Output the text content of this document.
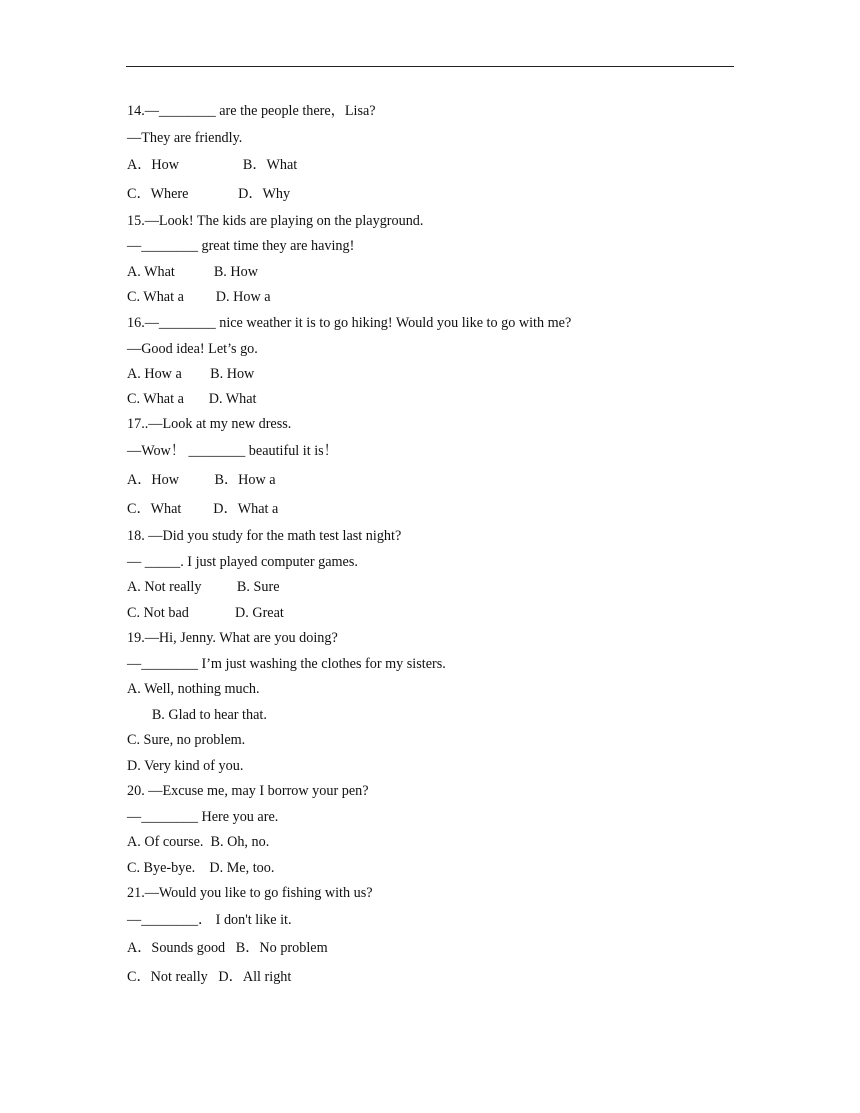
14.—________ are the people there，Lisa?
—They are friendly.
A．How                  B．What
C．Where              D．Why
15.—Look! The kids are playing on the playground.
—________ great time they are having!
A. What           B. How
C. What a         D. How a
16.—________ nice weather it is to go hiking! Would you like to go with me?
—Good idea! Let’s go.
A. How a        B. How
C. What a       D. What
17..—Look at my new dress.
—Wow！ ________ beautiful it is！
A．How          B．How a
C．What         D．What a
18. —Did you study for the math test last night?
— _____. I just played computer games.
A. Not really          B. Sure
C. Not bad             D. Great
19.—Hi, Jenny. What are you doing?
—________ I’m just washing the clothes for my sisters.
A. Well, nothing much.
B. Glad to hear that.
C. Sure, no problem.
D. Very kind of you.
20. —Excuse me, may I borrow your pen?
—________ Here you are.
A. Of course.  B. Oh, no.
C. Bye-bye.    D. Me, too.
21.—Would you like to go fishing with us?
—________． I don't like it.
A．Sounds good   B．No problem
C．Not really   D．All right
